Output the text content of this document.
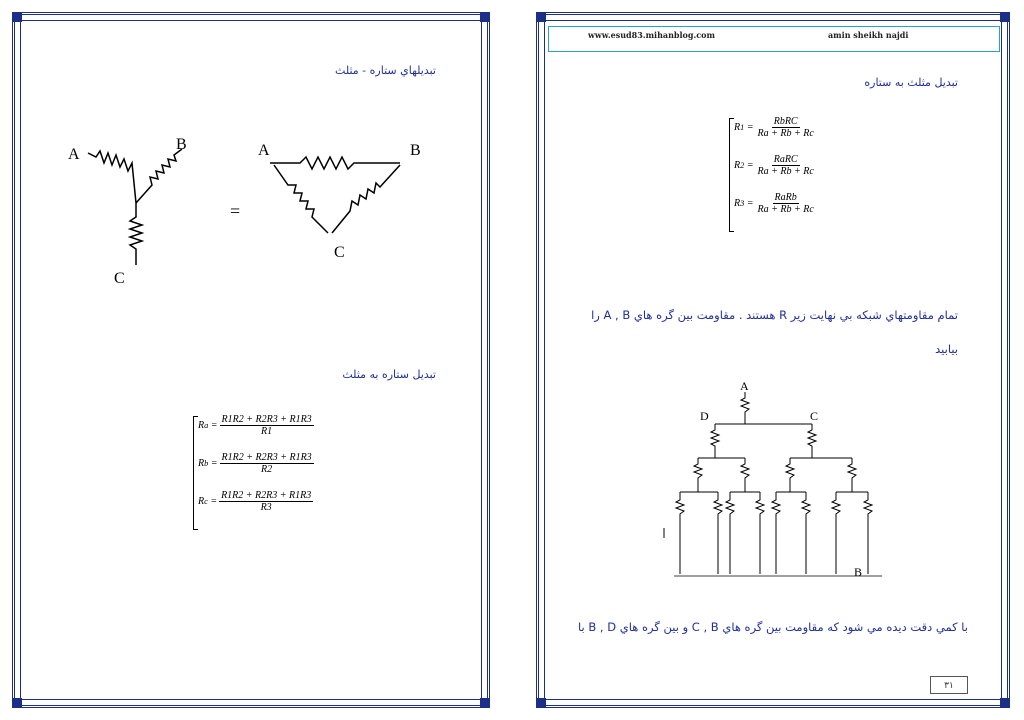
تبديلهاي ستاره - مثلث
A
B
C
=
A	B
C
تبديل ستاره به مثلث
R $a = \frac{R1R2 + R2R3 + R1R3}{R1}$
R $b = \frac{R1R2 + R2R3 + R1R3}{R2}$
R $c = \frac{R1R2 + R2R3 + R1R3}{R3}$
www.esud83.mihanblog.com	amin sheikh najdi
تبديل مثلث به ستاره
R $1 = \frac{\text{RbRC}}{Ra + Rb + Rc}$
R $2 = \frac{\text{RaRC}}{Ra + Rb + Rc}$
R $3 = \frac{\text{RaRb}}{Ra + Rb + Rc}$
تمام مقاومتهاي شبكه بي نهايت زير R هستند . مقاومت بين گره هاي A , B را
بيابيد
A
D	C
B
با كمي دقت ديده مي شود كه مقاومت بين گره هاي C , B و بين گره هاي B , D با
۳۱
